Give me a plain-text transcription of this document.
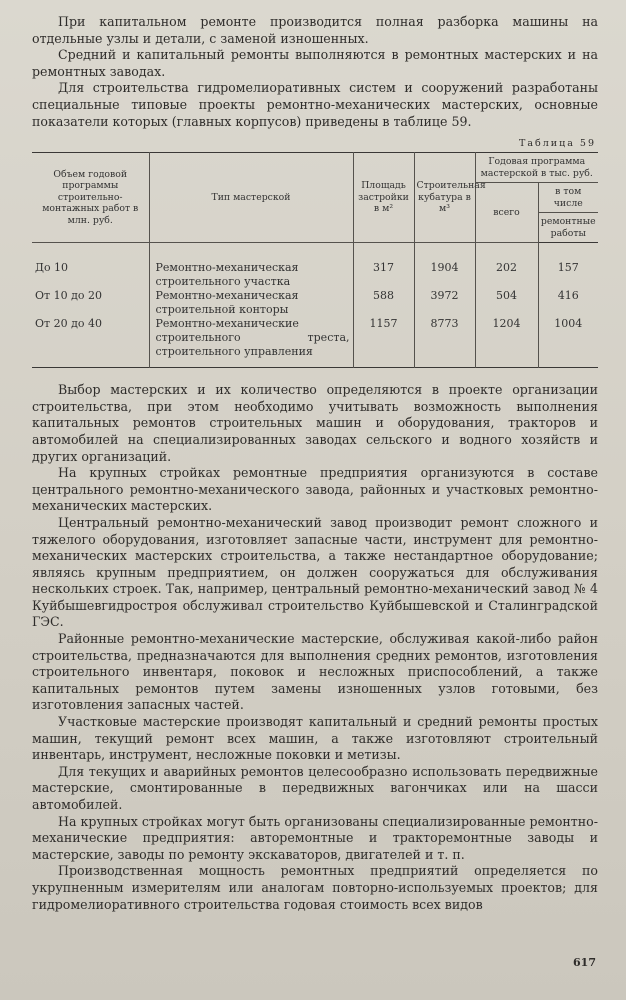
При капитальном ремонте производится полная разборка машины на отдельные узлы и детали, с заменой изношенных.

Средний и капитальный ремонты выполняются в ремонтных мастерских и на ремонтных заводах.

Для строительства гидромелиоративных систем и сооружений разработаны специальные типовые проекты ремонтно-механических мастерских, основные показатели которых (главных корпусов) приведены в таблице 59.

Таблица 59
Объем годовой программы строительно-монтажных работ в млн. руб.	Тип мастерской	Площадь застройки в м²	Строительная кубатура в м³	Годовая программа мастерской в тыс. руб.	
				всего	в том числе
					ремонтные работы
До 10	Ремонтно-механическая строительного участка	317	1904	202	157
От 10 до 20	Ремонтно-механическая строительной конторы	588	3972	504	416
От 20 до 40	Ремонтно-механические строительного треста, строительного управления	1157	8773	1204	1004

Выбор мастерских и их количество определяются в проекте организации строительства, при этом необходимо учитывать возможность выполнения капитальных ремонтов строительных машин и оборудования, тракторов и автомобилей на специализированных заводах сельского и водного хозяйств и других организаций.

На крупных стройках ремонтные предприятия организуются в составе центрального ремонтно-механического завода, районных и участковых ремонтно-механических мастерских.

Центральный ремонтно-механический завод производит ремонт сложного и тяжелого оборудования, изготовляет запасные части, инструмент для ремонтно-механических мастерских строительства, а также нестандартное оборудование; являясь крупным предприятием, он должен сооружаться для обслуживания нескольких строек. Так, например, центральный ремонтно-механический завод № 4 Куйбышевгидростроя обслуживал строительство Куйбышевской и Сталинградской ГЭС.

Районные ремонтно-механические мастерские, обслуживая какой-либо район строительства, предназначаются для выполнения средних ремонтов, изготовления строительного инвентаря, поковок и несложных приспособлений, а также капитальных ремонтов путем замены изношенных узлов готовыми, без изготовления запасных частей.

Участковые мастерские производят капитальный и средний ремонты простых машин, текущий ремонт всех машин, а также изготовляют строительный инвентарь, инструмент, несложные поковки и метизы.

Для текущих и аварийных ремонтов целесообразно использовать передвижные мастерские, смонтированные в передвижных вагончиках или на шасси автомобилей.

На крупных стройках могут быть организованы специализированные ремонтно-механические предприятия: авторемонтные и тракторемонтные заводы и мастерские, заводы по ремонту экскаваторов, двигателей и т. п.

Производственная мощность ремонтных предприятий определяется по укрупненным измерителям или аналогам повторно-используемых проектов; для гидромелиоративного строительства годовая стоимость всех видов

617
